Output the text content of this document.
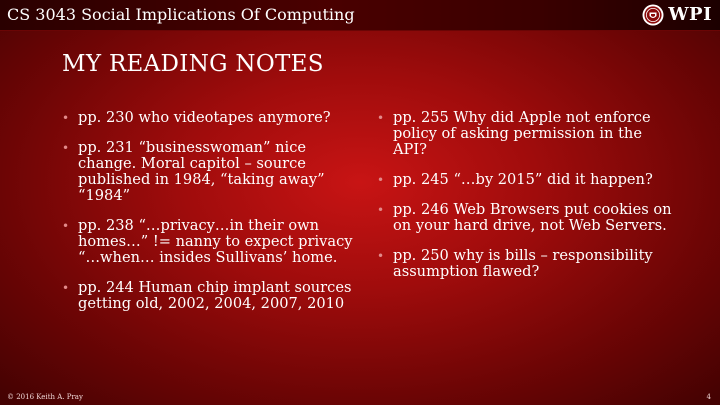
CS 3043 Social Implications Of Computing	WPI
MY READING NOTES
• pp. 230 who videotapes anymore?
• pp. 231 “businesswoman” nice change. Moral capitol – source published in 1984, “taking away” “1984”
• pp. 238 “…privacy…in their own homes…” != nanny to expect privacy “…when… insides Sullivans’ home.
• pp. 244 Human chip implant sources getting old, 2002, 2004, 2007, 2010
• pp. 255 Why did Apple not enforce policy of asking permission in the API?
• pp. 245 “…by 2015” did it happen?
• pp. 246 Web Browsers put cookies on on your hard drive, not Web Servers.
• pp. 250 why is bills – responsibility assumption flawed?
© 2016 Keith A. Pray	4
